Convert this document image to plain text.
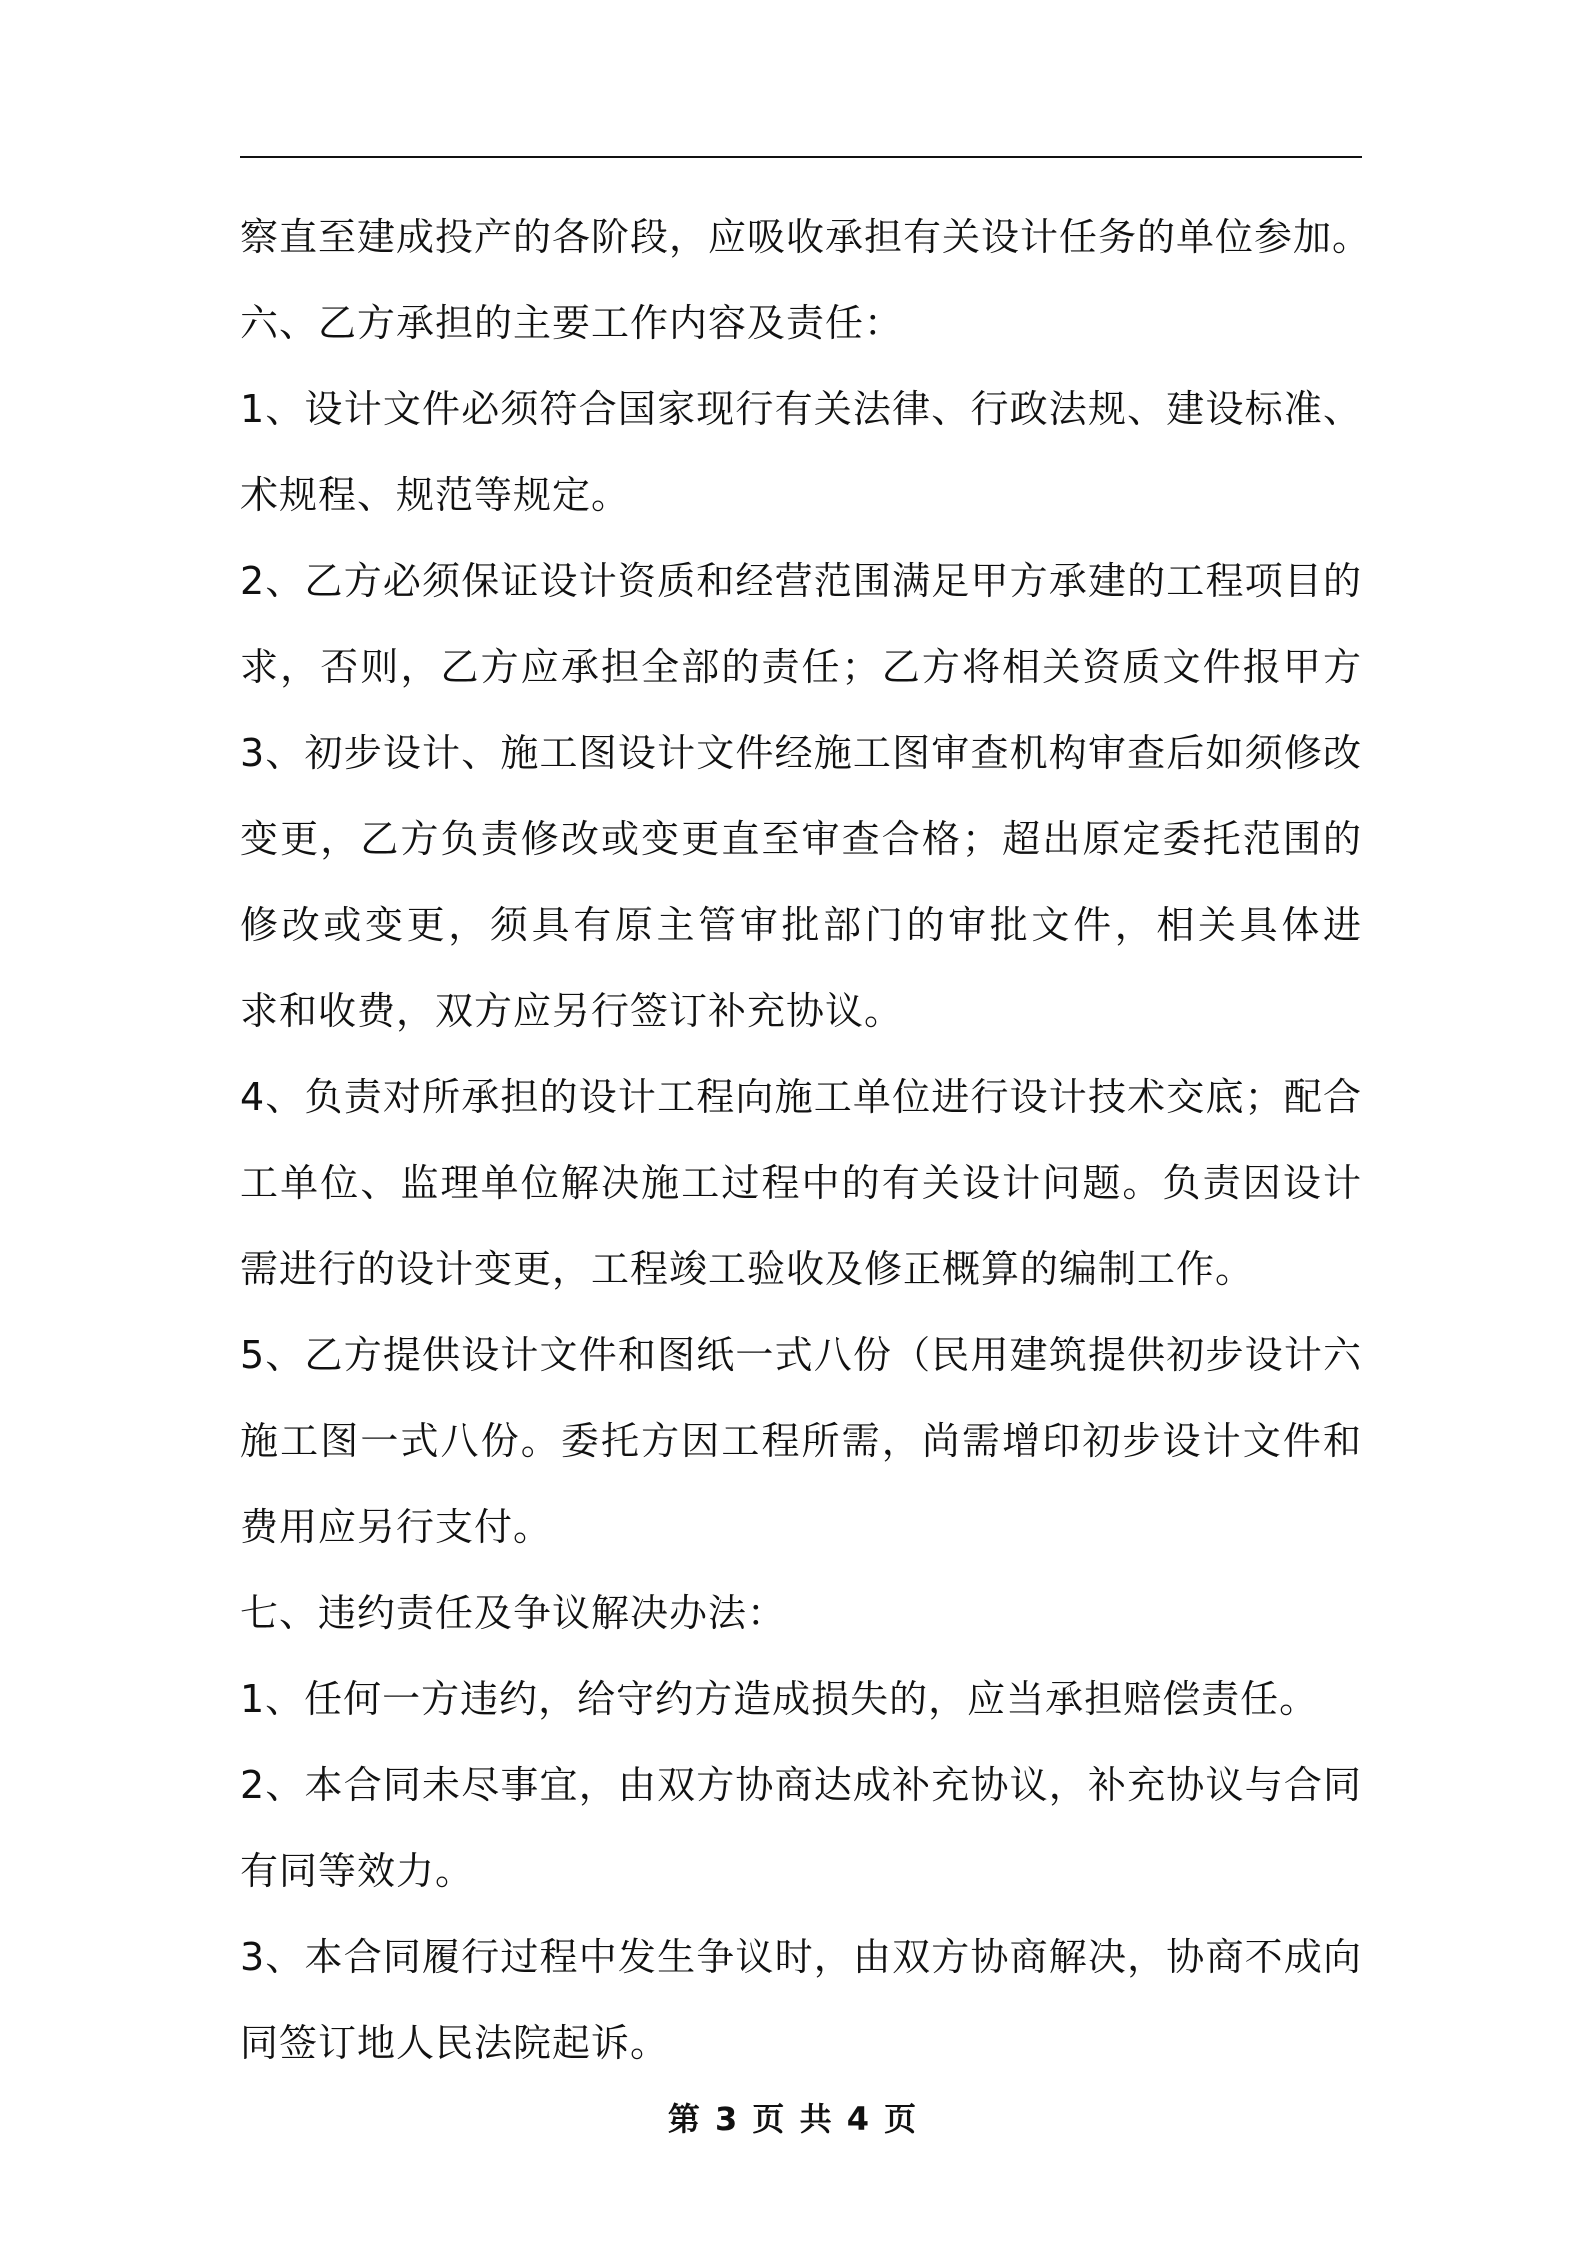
察直至建成投产的各阶段，应吸收承担有关设计任务的单位参加。
六、乙方承担的主要工作内容及责任：
1、设计文件必须符合国家现行有关法律、行政法规、建设标准、
术规程、规范等规定。
2、乙方必须保证设计资质和经营范围满足甲方承建的工程项目的
求，否则，乙方应承担全部的责任；乙方将相关资质文件报甲方
3、初步设计、施工图设计文件经施工图审查机构审查后如须修改
变更，乙方负责修改或变更直至审查合格；超出原定委托范围的
修改或变更，须具有原主管审批部门的审批文件，相关具体进
求和收费，双方应另行签订补充协议。
4、负责对所承担的设计工程向施工单位进行设计技术交底；配合
工单位、监理单位解决施工过程中的有关设计问题。负责因设计
需进行的设计变更，工程竣工验收及修正概算的编制工作。
5、乙方提供设计文件和图纸一式八份（民用建筑提供初步设计六
施工图一式八份。委托方因工程所需，尚需增印初步设计文件和
费用应另行支付。
七、违约责任及争议解决办法：
1、任何一方违约，给守约方造成损失的，应当承担赔偿责任。
2、本合同未尽事宜，由双方协商达成补充协议，补充协议与合同
有同等效力。
3、本合同履行过程中发生争议时，由双方协商解决，协商不成向
同签订地人民法院起诉。
第 3 页 共 4 页
